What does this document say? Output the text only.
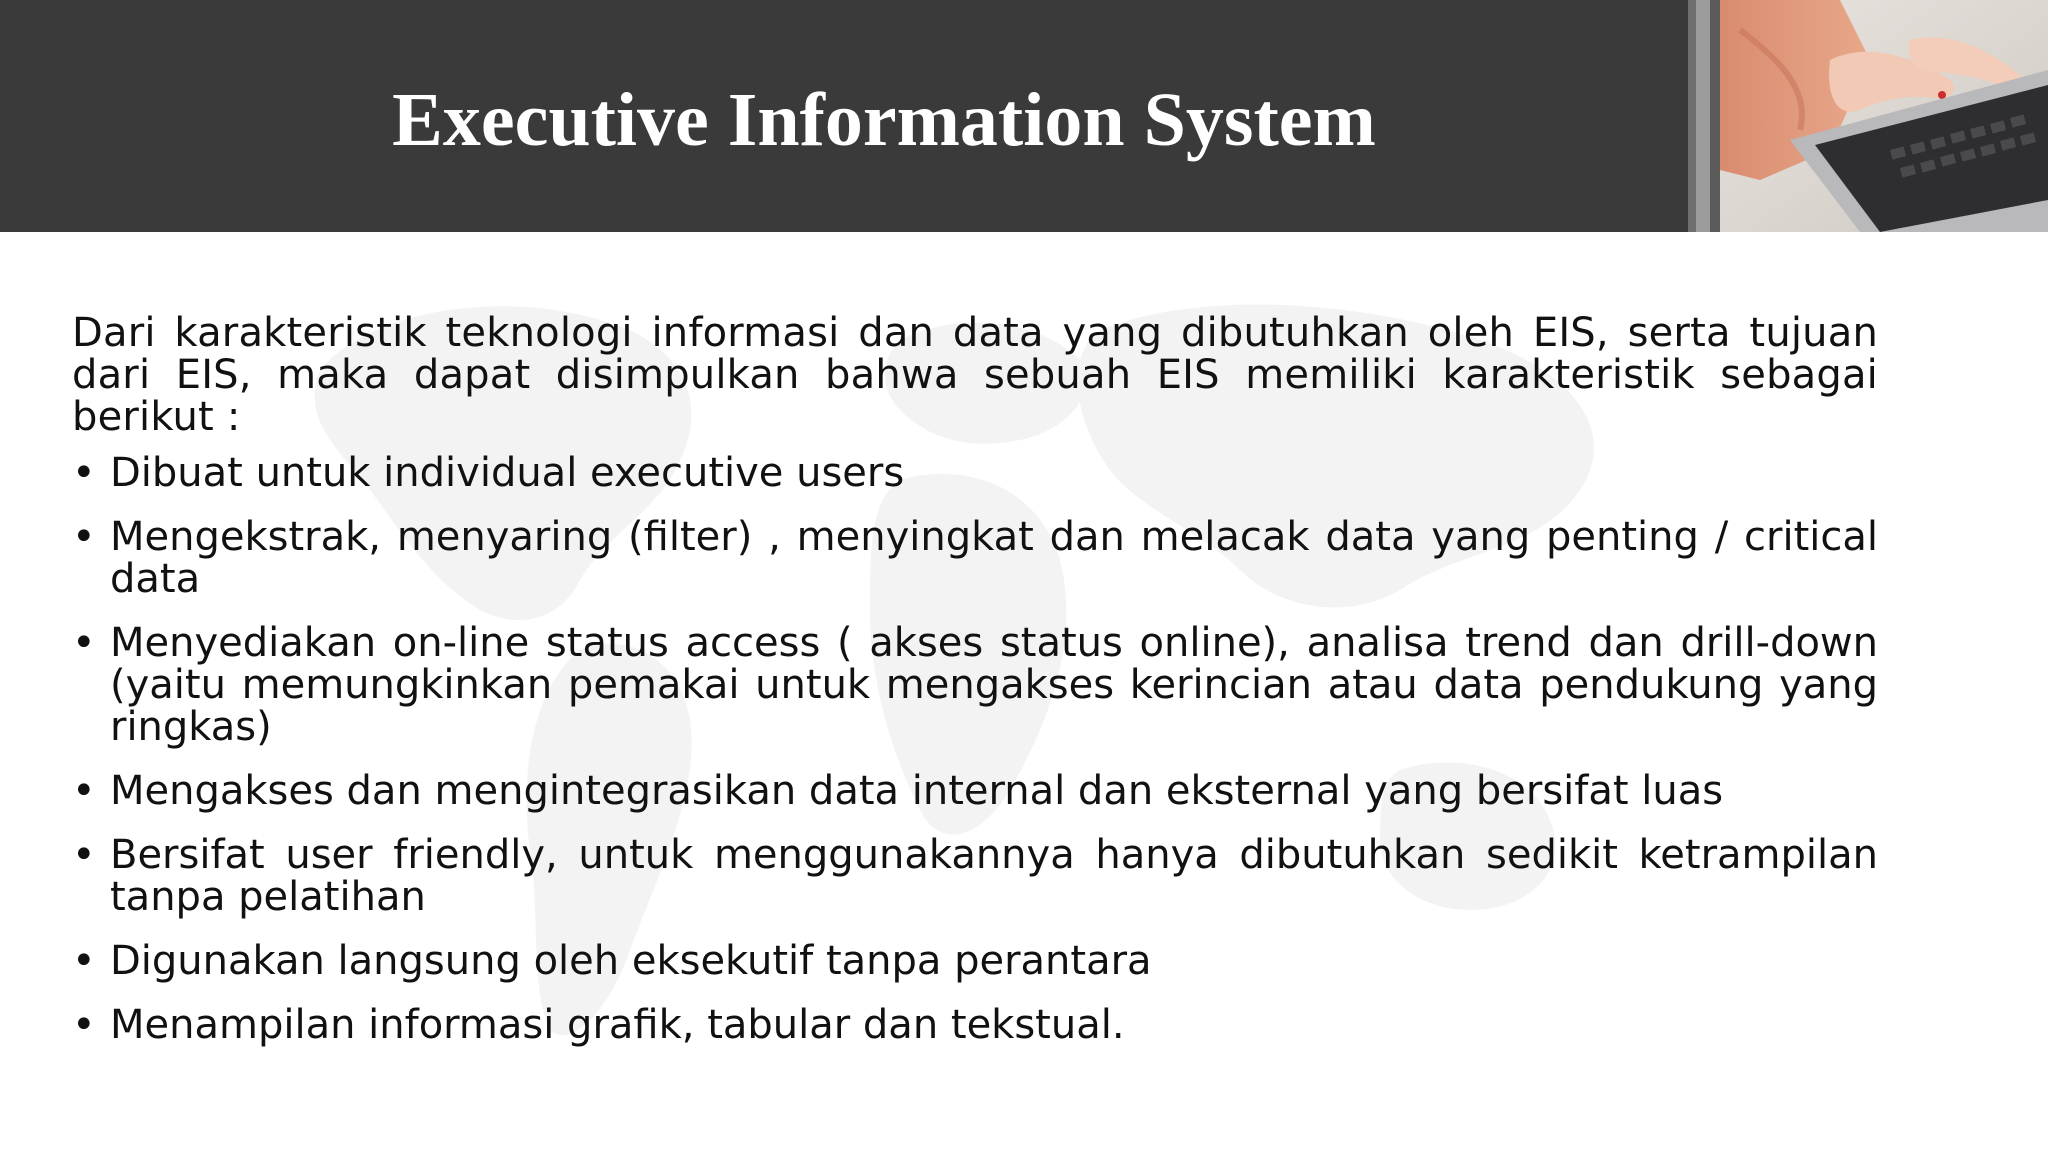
Executive Information System

Dari karakteristik teknologi informasi dan data yang dibutuhkan oleh EIS, serta tujuan dari EIS, maka dapat disimpulkan bahwa sebuah EIS memiliki karakteristik sebagai berikut :

• Dibuat untuk individual executive users
• Mengekstrak, menyaring (filter) , menyingkat dan melacak data yang penting / critical data
• Menyediakan on-line status access ( akses status online), analisa trend dan drill-down (yaitu memungkinkan pemakai untuk mengakses kerincian atau data pendukung yang ringkas)
• Mengakses dan mengintegrasikan data internal dan eksternal yang bersifat luas
• Bersifat user friendly, untuk menggunakannya hanya dibutuhkan sedikit ketrampilan tanpa pelatihan
• Digunakan langsung oleh eksekutif tanpa perantara
• Menampilan informasi grafik, tabular dan tekstual.
